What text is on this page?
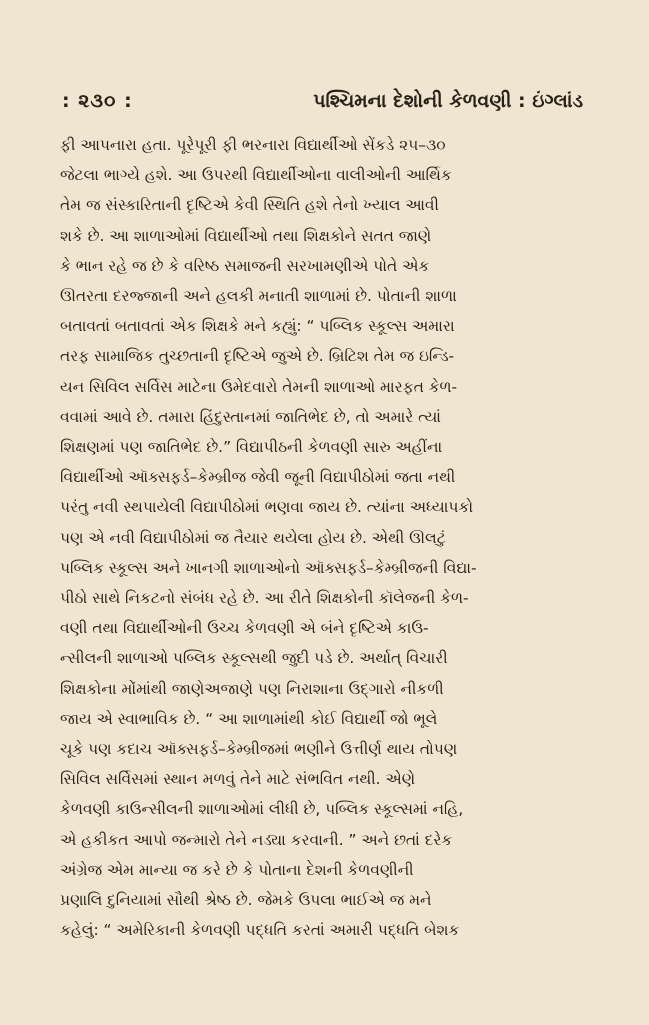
: ૨૩૦ :	પશ્ચિમના દેશોની કેળવણી : ઇંગ્લાંડ

ફી આપનારા હતા. પૂરેપૂરી ફી ભરનારા વિદ્યાર્થીઓ સેંકડે ૨૫–૩૦
જેટલા ભાગ્યે હશે. આ ઉપરથી વિદ્યાર્થીઓના વાલીઓની આર્થિક
તેમ જ સંસ્કારિતાની દૃષ્ટિએ કેવી સ્થિતિ હશે તેનો ખ્યાલ આવી
શકે છે. આ શાળાઓમાં વિદ્યાર્થીઓ તથા શિક્ષકોને સતત જાણે
કે ભાન રહે જ છે કે વરિષ્ઠ સમાજની સરખામણીએ પોતે એક
ઊતરતા દરજ્જાની અને હલકી મનાતી શાળામાં છે. પોતાની શાળા
બતાવતાં બતાવતાં એક શિક્ષકે મને કહ્યું: “ પબ્લિક સ્કૂલ્સ અમારા
તરફ સામાજિક તુચ્છતાની દૃષ્ટિએ જુએ છે. બ્રિટિશ તેમ જ ઇન્ડિ-
યન સિવિલ સર્વિસ માટેના ઉમેદવારો તેમની શાળાઓ મારફત કેળ-
વવામાં આવે છે. તમારા હિંદુસ્તાનમાં જાતિભેદ છે, તો અમારે ત્યાં
શિક્ષણમાં પણ જાતિભેદ છે.” વિદ્યાપીઠની કેળવણી સારુ અહીંના
વિદ્યાર્થીઓ ઑક્સફર્ડ–કેમ્બ્રીજ જેવી જૂની વિદ્યાપીઠોમાં જતા નથી
પરંતુ નવી સ્થપાયેલી વિદ્યાપીઠોમાં ભણવા જાય છે. ત્યાંના અધ્યાપકો
પણ એ નવી વિદ્યાપીઠોમાં જ તૈયાર થયેલા હોય છે. એથી ઊલટું
પબ્લિક સ્કૂલ્સ અને ખાનગી શાળાઓનો ઑક્સફર્ડ–કેમ્બ્રીજની વિદ્યા-
પીઠો સાથે નિકટનો સંબંધ રહે છે. આ રીતે શિક્ષકોની કૉલેજની કેળ-
વણી તથા વિદ્યાર્થીઓની ઉચ્ચ કેળવણી એ બંને દૃષ્ટિએ કાઉ-
ન્સીલની શાળાઓ પબ્લિક સ્કૂલ્સથી જુદી પડે છે. અર્થાત્ વિચારી
શિક્ષકોના મોંમાંથી જાણેઅજાણે પણ નિરાશાના ઉદ્ગારો નીકળી
જાય એ સ્વાભાવિક છે. “ આ શાળામાંથી કોઈ વિદ્યાર્થી જો ભૂલે
ચૂકે પણ કદાચ ઑક્સફર્ડ–કેમ્બ્રીજમાં ભણીને ઉત્તીર્ણ થાય તોપણ
સિવિલ સર્વિસમાં સ્થાન મળવું તેને માટે સંભવિત નથી. એણે
કેળવણી કાઉન્સીલની શાળાઓમાં લીધી છે, પબ્લિક સ્કૂલ્સમાં નહિ,
એ હકીકત આપો જન્મારો તેને નડ્યા કરવાની. ” અને છતાં દરેક
અંગ્રેજ એમ માન્યા જ કરે છે કે પોતાના દેશની કેળવણીની
પ્રણાલિ દુનિયામાં સૌથી શ્રેષ્ઠ છે. જેમકે ઉપલા ભાઈએ જ મને
કહેલું: “ અમેરિકાની કેળવણી પદ્ધતિ કરતાં અમારી પદ્ધતિ બેશક
